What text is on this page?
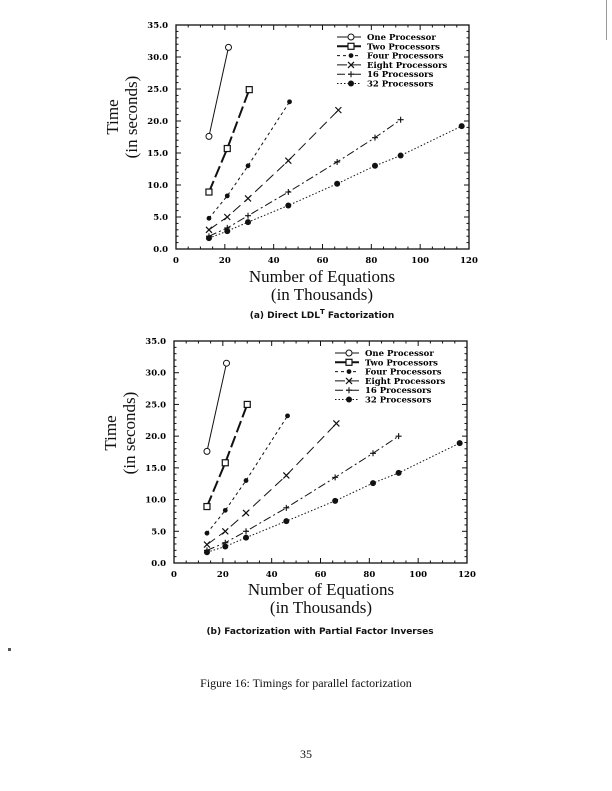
0.0
5.0
10.0
15.0
20.0
25.0
30.0
35.0
0	20	40	60	80	100	120
One Processor
Two Processors
Four Processors
Eight Processors
16 Processors
32 Processors
Time (in seconds)
Number of Equations
(in Thousands)
(a) Direct $LDL^T$ Factorization
0.0
5.0
10.0
15.0
20.0
25.0
30.0
35.0
0	20	40	60	80	100	120
One Processor
Two Processors
Four Processors
Eight Processors
16 Processors
32 Processors
Time (in seconds)
Number of Equations
(in Thousands)
(b) Factorization with Partial Factor Inverses
Figure 16: Timings for parallel factorization
35
